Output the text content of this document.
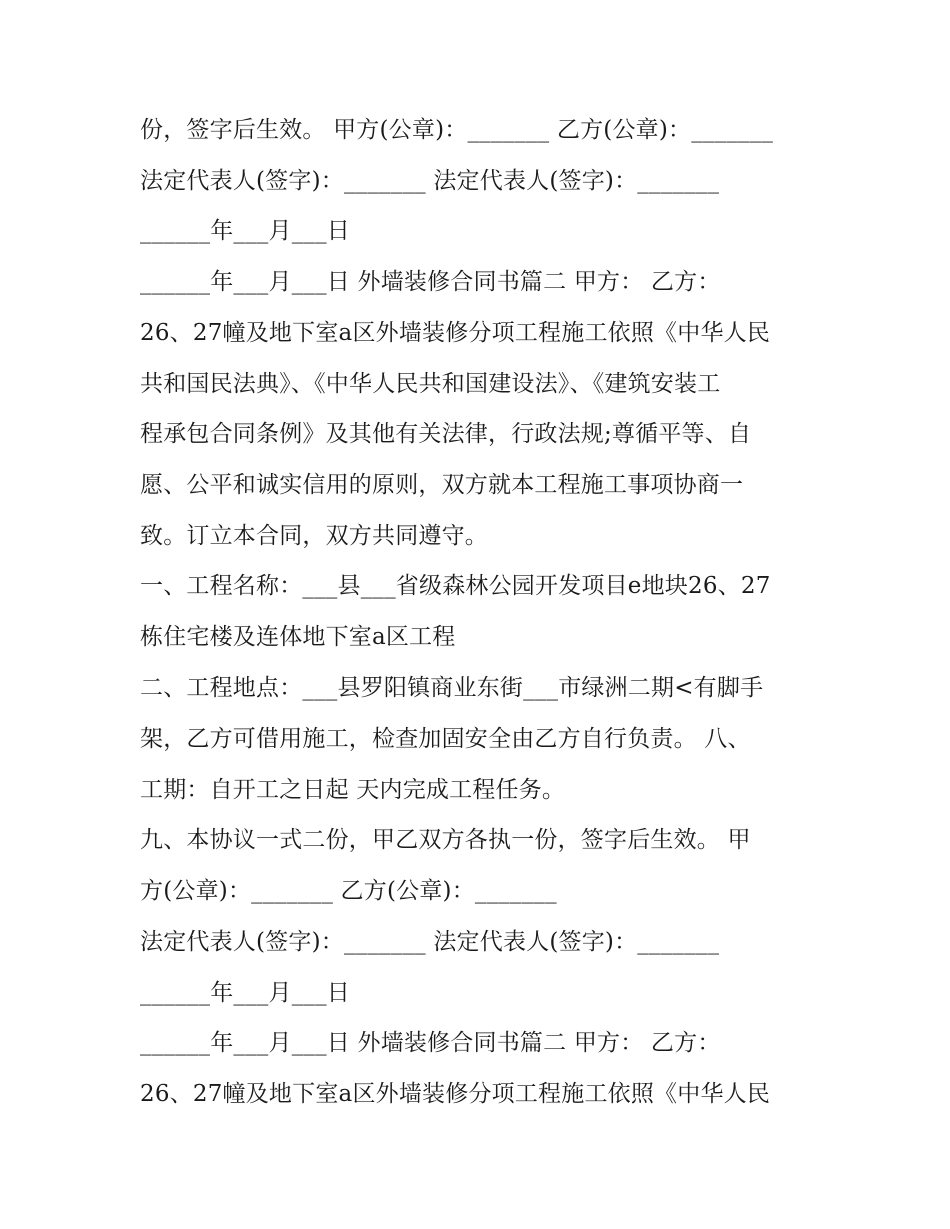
份，签字后生效。 甲方(公章)：_______ 乙方(公章)：_______
法定代表人(签字)：_______ 法定代表人(签字)：_______
______年___月___日
______年___月___日 外墙装修合同书篇二 甲方： 乙方：
26、27幢及地下室a区外墙装修分项工程施工依照《中华人民
共和国民法典》、《中华人民共和国建设法》、《建筑安装工
程承包合同条例》及其他有关法律，行政法规;尊循平等、自
愿、公平和诚实信用的原则，双方就本工程施工事项协商一
致。订立本合同，双方共同遵守。
一、工程名称：___县___省级森林公园开发项目e地块26、27
栋住宅楼及连体地下室a区工程
二、工程地点：___县罗阳镇商业东街___市绿洲二期<有脚手
架，乙方可借用施工，检查加固安全由乙方自行负责。 八、
工期：自开工之日起 天内完成工程任务。
九、本协议一式二份，甲乙双方各执一份，签字后生效。 甲
方(公章)：_______ 乙方(公章)：_______
法定代表人(签字)：_______ 法定代表人(签字)：_______
______年___月___日
______年___月___日 外墙装修合同书篇二 甲方： 乙方：
26、27幢及地下室a区外墙装修分项工程施工依照《中华人民
